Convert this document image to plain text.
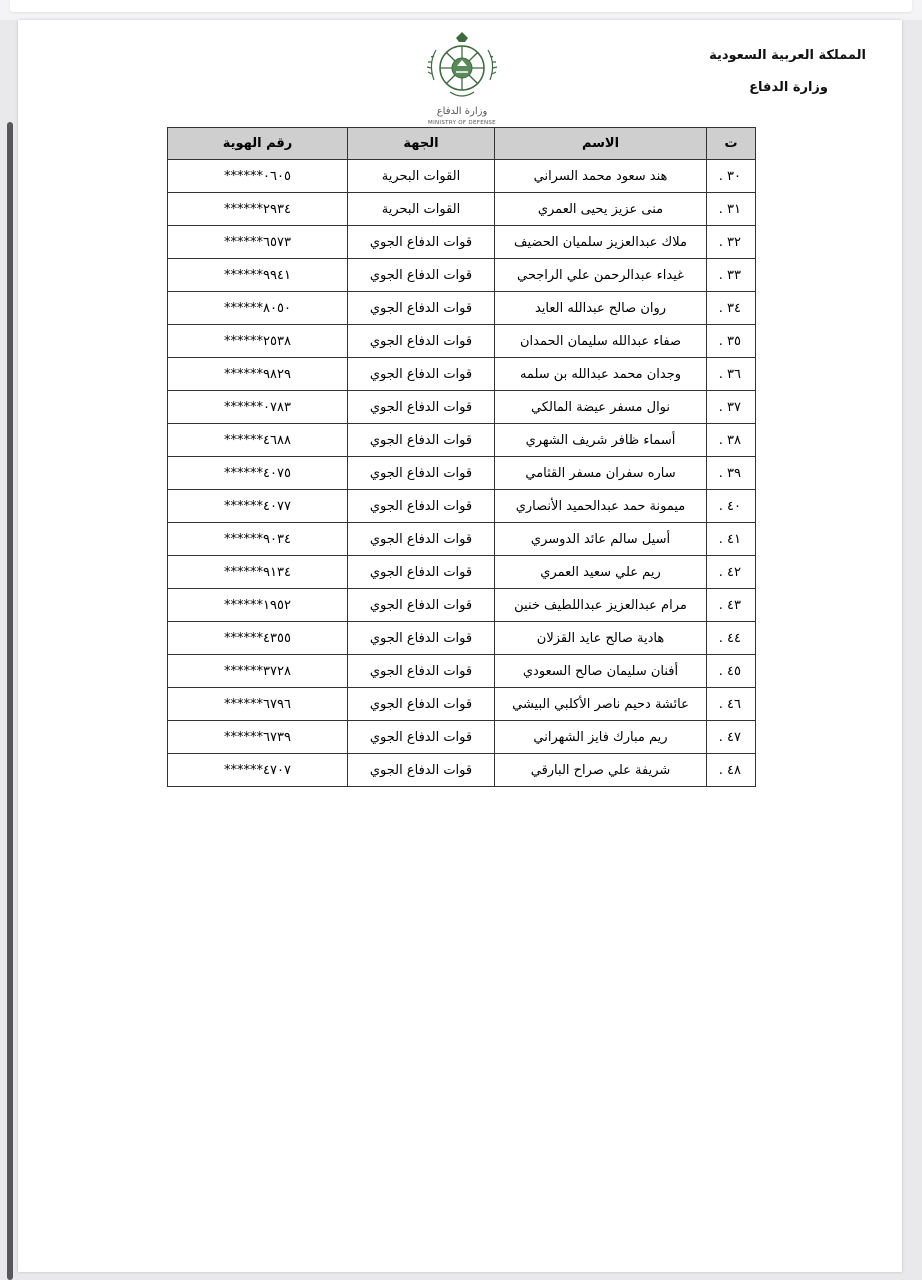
المملكة العربية السعودية
وزارة الدفاع
وزارة الدفاع
MINISTRY OF DEFENSE
ت	الاسم	الجهة	رقم الهوية
٣٠ .	هند سعود محمد السراني	القوات البحرية	******٠٦٠٥
٣١ .	منى عزيز يحيى العمري	القوات البحرية	******٢٩٣٤
٣٢ .	ملاك عبدالعزيز سلميان الحضيف	قوات الدفاع الجوي	******٦٥٧٣
٣٣ .	غيداء عبدالرحمن علي الراجحي	قوات الدفاع الجوي	******٩٩٤١
٣٤ .	روان صالح عبدالله العايد	قوات الدفاع الجوي	******٨٠٥٠
٣٥ .	صفاء عبدالله سليمان الحمدان	قوات الدفاع الجوي	******٢٥٣٨
٣٦ .	وجدان محمد عبدالله بن سلمه	قوات الدفاع الجوي	******٩٨٢٩
٣٧ .	نوال مسفر عيضة المالكي	قوات الدفاع الجوي	******٠٧٨٣
٣٨ .	أسماء ظافر شريف الشهري	قوات الدفاع الجوي	******٤٦٨٨
٣٩ .	ساره سفران مسفر القثامي	قوات الدفاع الجوي	******٤٠٧٥
٤٠ .	ميمونة حمد عبدالحميد الأنصاري	قوات الدفاع الجوي	******٤٠٧٧
٤١ .	أسيل سالم عائد الدوسري	قوات الدفاع الجوي	******٩٠٣٤
٤٢ .	ريم علي سعيد العمري	قوات الدفاع الجوي	******٩١٣٤
٤٣ .	مرام عبدالعزيز عبداللطيف خنين	قوات الدفاع الجوي	******١٩٥٢
٤٤ .	هادية صالح عايد القزلان	قوات الدفاع الجوي	******٤٣٥٥
٤٥ .	أفنان سليمان صالح السعودي	قوات الدفاع الجوي	******٣٧٢٨
٤٦ .	عائشة دحيم ناصر الأكلبي البيشي	قوات الدفاع الجوي	******٦٧٩٦
٤٧ .	ريم مبارك فايز الشهراني	قوات الدفاع الجوي	******٦٧٣٩
٤٨ .	شريفة علي صراح البارقي	قوات الدفاع الجوي	******٤٧٠٧
